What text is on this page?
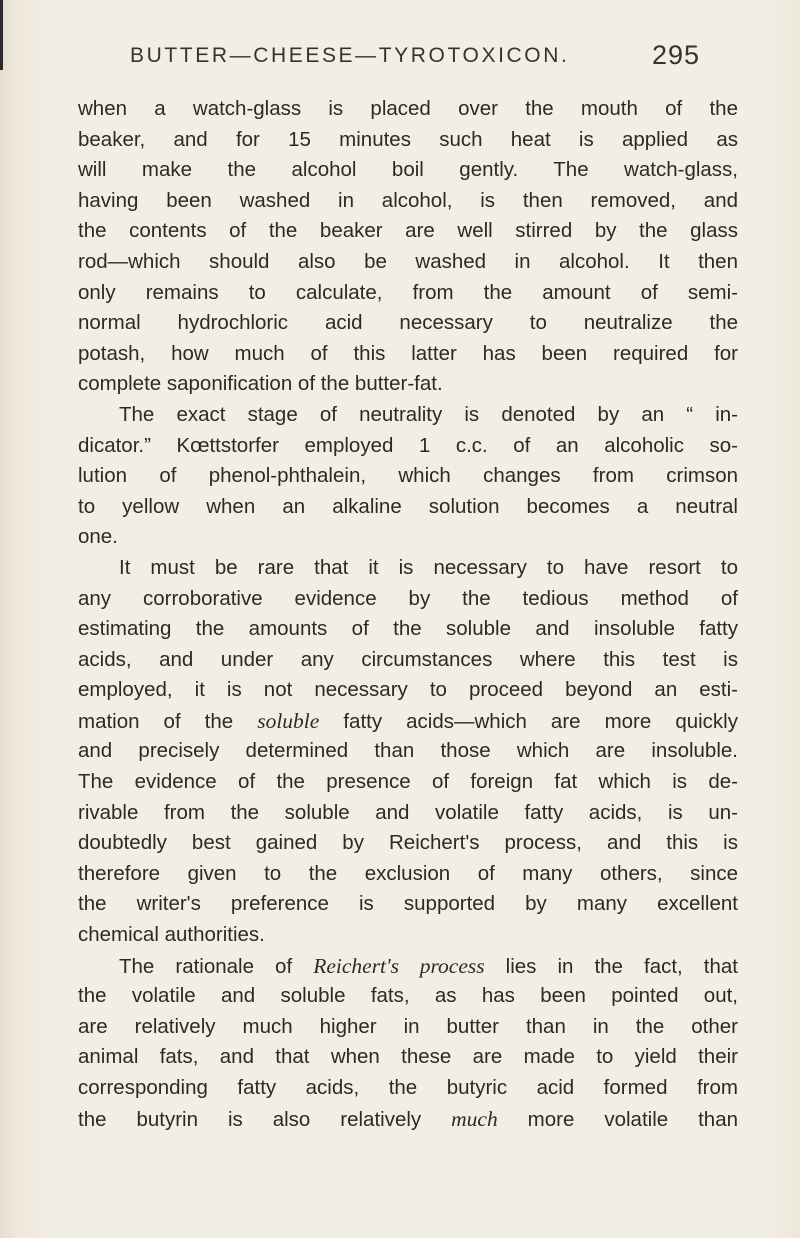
BUTTER—CHEESE—TYROTOXICON.	295
when a watch-glass is placed over the mouth of the
beaker, and for 15 minutes such heat is applied as
will make the alcohol boil gently. The watch-glass,
having been washed in alcohol, is then removed, and
the contents of the beaker are well stirred by the glass
rod—which should also be washed in alcohol. It then
only remains to calculate, from the amount of semi-
normal hydrochloric acid necessary to neutralize the
potash, how much of this latter has been required for
complete saponification of the butter-fat.
The exact stage of neutrality is denoted by an “ in-
dicator.” Kœttstorfer employed 1 c.c. of an alcoholic so-
lution of phenol-phthalein, which changes from crimson
to yellow when an alkaline solution becomes a neutral
one.
It must be rare that it is necessary to have resort to
any corroborative evidence by the tedious method of
estimating the amounts of the soluble and insoluble fatty
acids, and under any circumstances where this test is
employed, it is not necessary to proceed beyond an esti-
mation of the soluble fatty acids—which are more quickly
and precisely determined than those which are insoluble.
The evidence of the presence of foreign fat which is de-
rivable from the soluble and volatile fatty acids, is un-
doubtedly best gained by Reichert's process, and this is
therefore given to the exclusion of many others, since
the writer's preference is supported by many excellent
chemical authorities.
The rationale of Reichert's process lies in the fact, that
the volatile and soluble fats, as has been pointed out,
are relatively much higher in butter than in the other
animal fats, and that when these are made to yield their
corresponding fatty acids, the butyric acid formed from
the butyrin is also relatively much more volatile than
